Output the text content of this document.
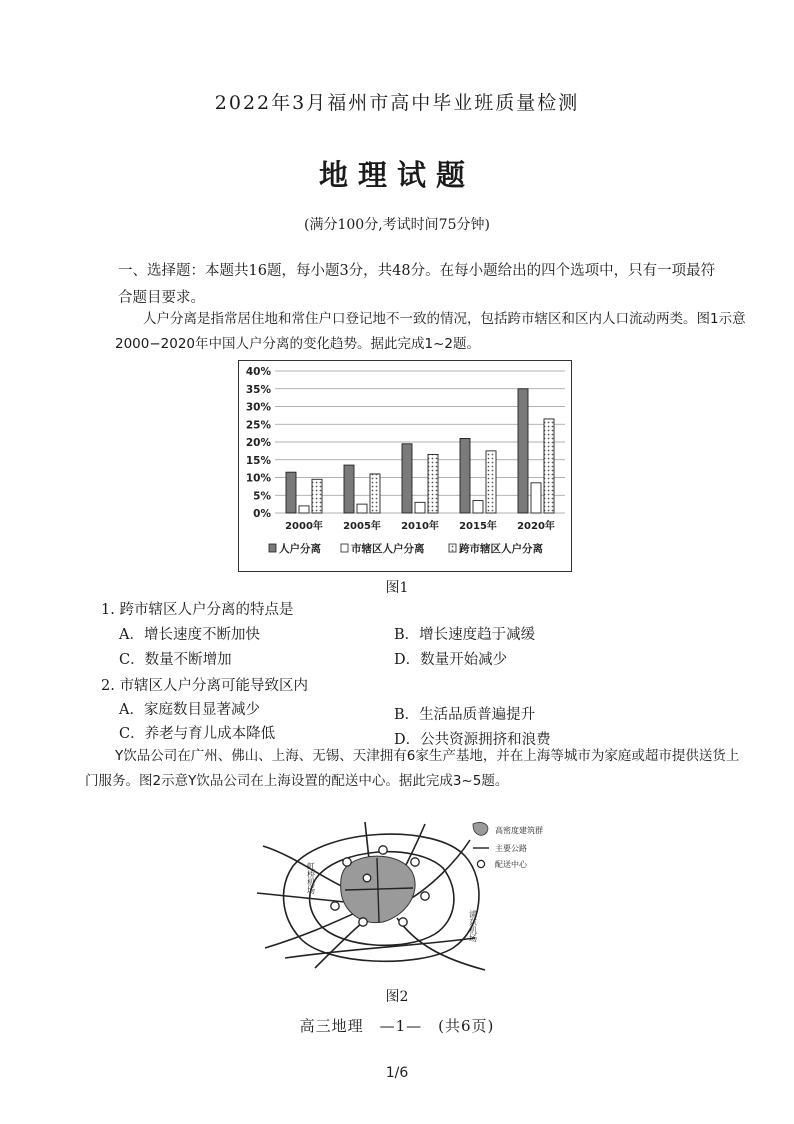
2022年3月福州市高中毕业班质量检测
地理试题
(满分100分,考试时间75分钟)
一、选择题：本题共16题，每小题3分，共48分。在每小题给出的四个选项中，只有一项最符合题目要求。
人户分离是指常居住地和常住户口登记地不一致的情况，包括跨市辖区和区内人口流动两类。图1示意2000−2020年中国人户分离的变化趋势。据此完成1~2题。
0%
5%
10%
15%
20%
25%
30%
35%
40%
2000年 2005年 2010年 2015年 2020年
人户分离	市辖区人户分离	跨市辖区人户分离
图1
1. 跨市辖区人户分离的特点是
A．增长速度不断加快	B．增长速度趋于减缓
C．数量不断增加	D．数量开始减少
2. 市辖区人户分离可能导致区内
A．家庭数目显著减少	B．生活品质普遍提升
C．养老与育儿成本降低	D．公共资源拥挤和浪费
Y饮品公司在广州、佛山、上海、无锡、天津拥有6家生产基地，并在上海等城市为家庭或超市提供送货上门服务。图2示意Y饮品公司在上海设置的配送中心。据此完成3~5题。
虹桥机场
浦东机场
高密度建筑群
主要公路
配送中心
图2
高三地理　—1—　(共6页)
1/6
